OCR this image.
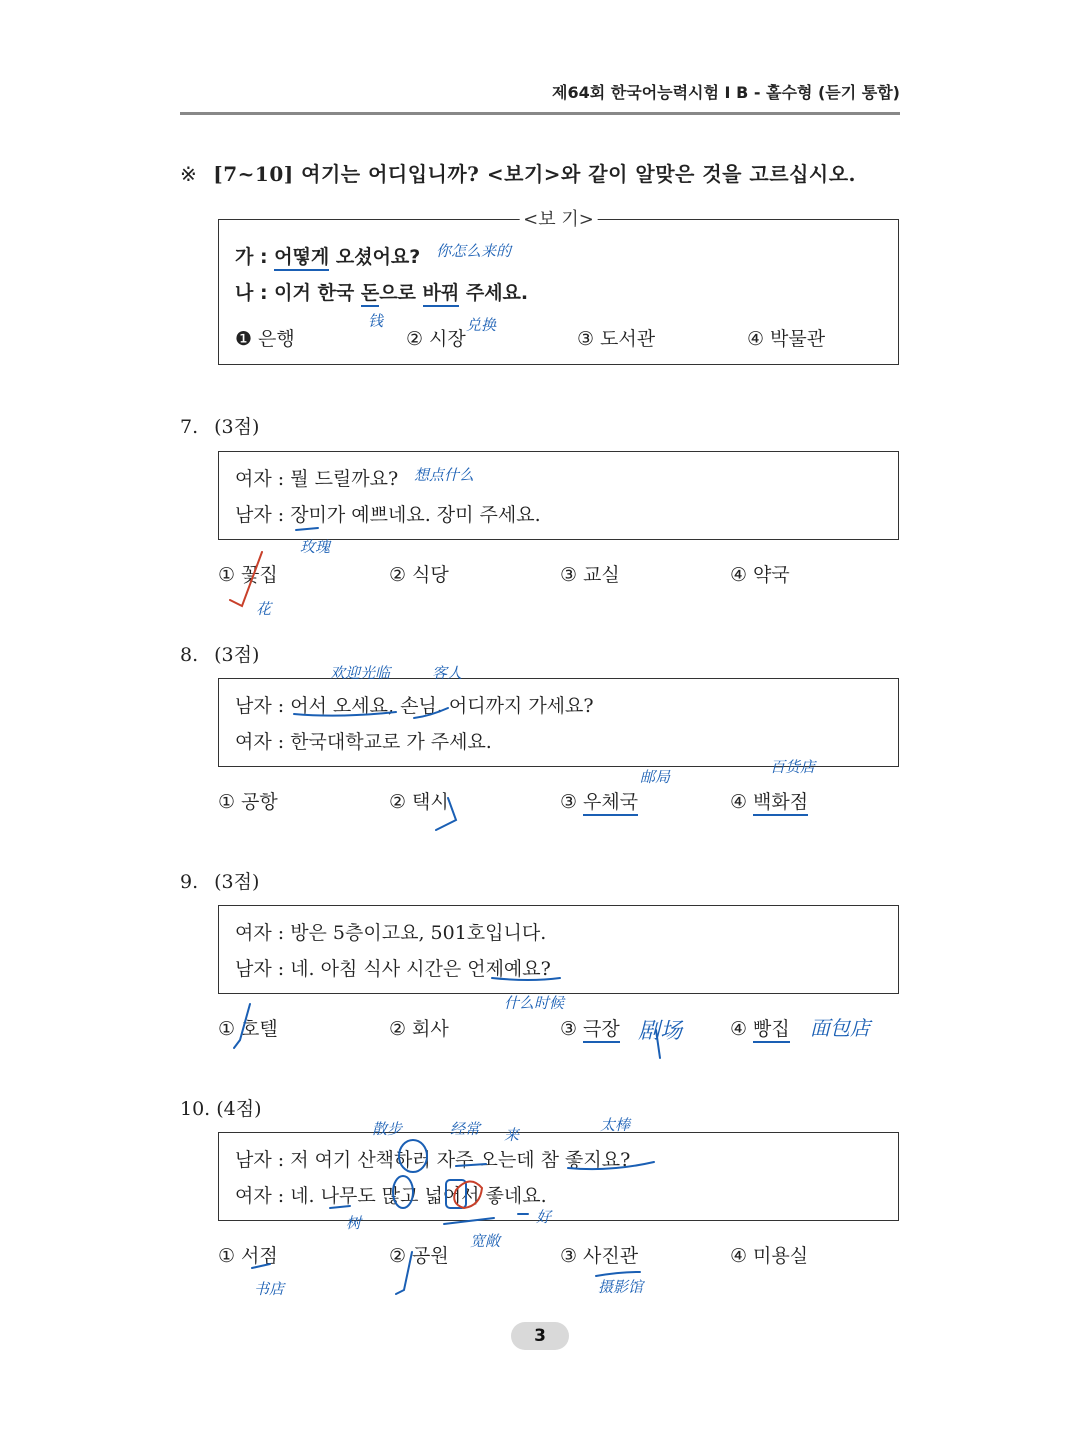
제64회 한국어능력시험 I B - 홀수형 (듣기 통합)
※ [7~10] 여기는 어디입니까? <보기>와 같이 알맞은 것을 고르십시오.
<보 기>
가 : 어떻게 오셨어요?
나 : 이거 한국 돈으로 바꿔 주세요.
❶ 은행	② 시장	③ 도서관	④ 박물관
你怎么来的
钱	兑换
7. (3점)
여자 : 뭘 드릴까요?
남자 : 장미가 예쁘네요. 장미 주세요.
① 꽃집	② 식당	③ 교실	④ 약국
想点什么
玫瑰
花
8. (3점)
남자 : 어서 오세요, 손님. 어디까지 가세요?
여자 : 한국대학교로 가 주세요.
① 공항	② 택시	③ 우체국	④ 백화점
欢迎光临	客人
邮局
百货店
9. (3점)
여자 : 방은 5층이고요, 501호입니다.
남자 : 네. 아침 식사 시간은 언제예요?
① 호텔	② 회사	③ 극장	④ 빵집
什么时候
剧场	面包店
10. (4점)
남자 : 저 여기 산책하러 자주 오는데 참 좋지요?
여자 : 네. 나무도 많고 넓어서 좋네요.
① 서점	② 공원	③ 사진관	④ 미용실
散步	经常 来
太棒
树
宽敞
好
书店	摄影馆
3
